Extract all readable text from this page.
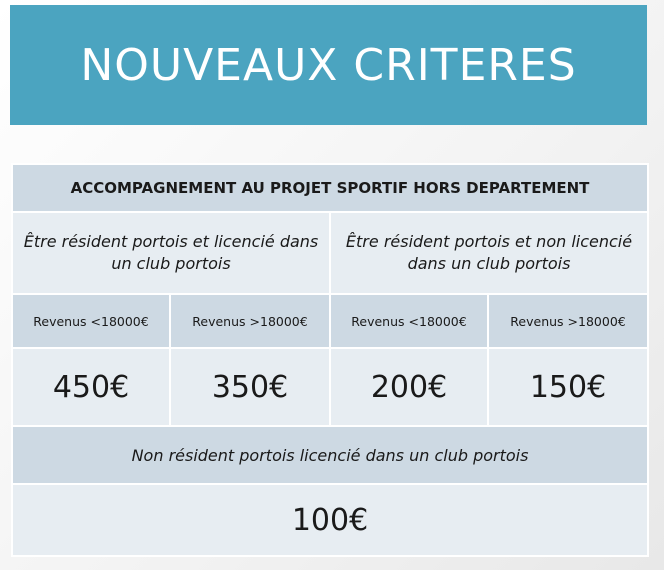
NOUVEAUX CRITERES
ACCOMPAGNEMENT AU PROJET SPORTIF HORS DEPARTEMENT			
Être résident portois et licencié dans un club portois		Être résident portois et non licencié dans un club portois	
Revenus <18000€	Revenus >18000€	Revenus <18000€	Revenus >18000€
450€	350€	200€	150€
Non résident portois licencié dans un club portois			
100€			
